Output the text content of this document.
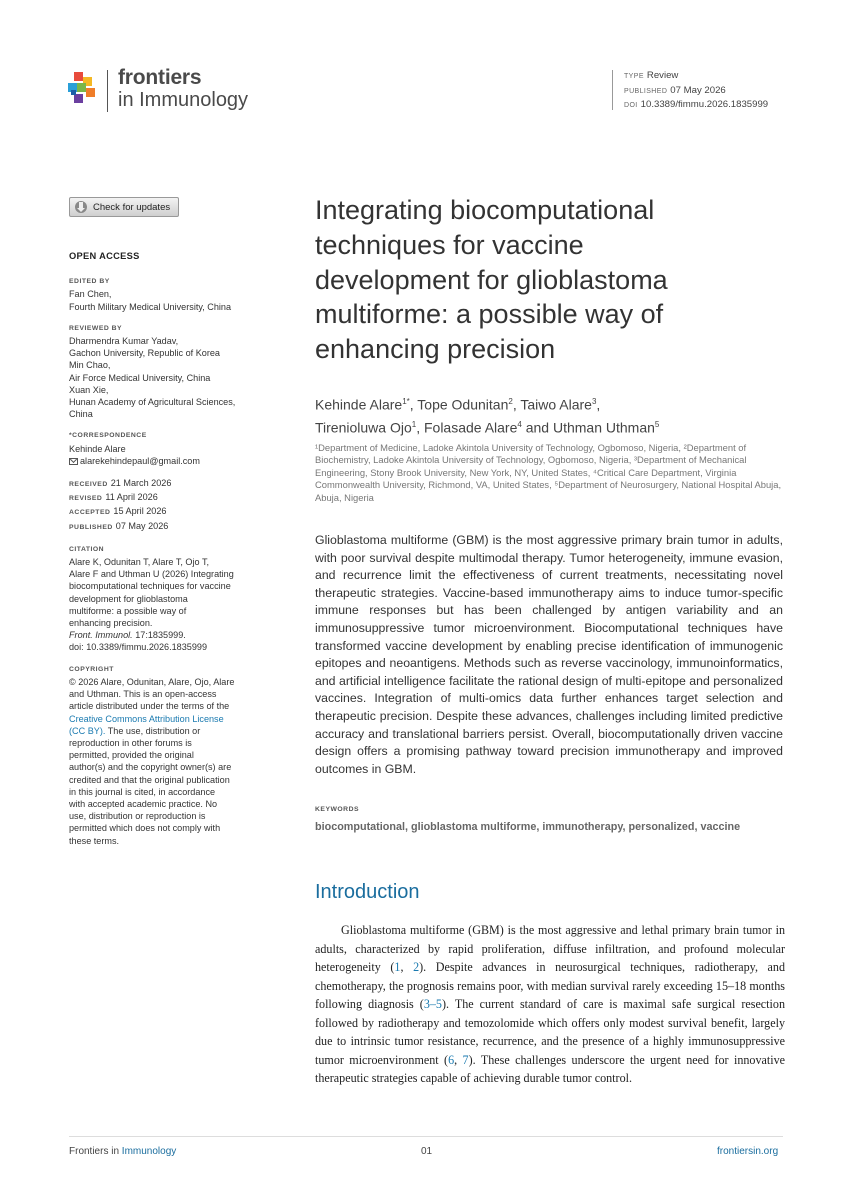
frontiers
in Immunology
TYPE Review
PUBLISHED 07 May 2026
DOI 10.3389/fimmu.2026.1835999
Check for updates
OPEN ACCESS
EDITED BY
Fan Chen,
Fourth Military Medical University, China
REVIEWED BY
Dharmendra Kumar Yadav,
Gachon University, Republic of Korea
Min Chao,
Air Force Medical University, China
Xuan Xie,
Hunan Academy of Agricultural Sciences,
China
*CORRESPONDENCE
Kehinde Alare
alarekehindepaul@gmail.com
RECEIVED 21 March 2026
REVISED 11 April 2026
ACCEPTED 15 April 2026
PUBLISHED 07 May 2026
CITATION
Alare K, Odunitan T, Alare T, Ojo T,
Alare F and Uthman U (2026) Integrating
biocomputational techniques for vaccine
development for glioblastoma
multiforme: a possible way of
enhancing precision.
Front. Immunol. 17:1835999.
doi: 10.3389/fimmu.2026.1835999
COPYRIGHT
© 2026 Alare, Odunitan, Alare, Ojo, Alare
and Uthman. This is an open-access
article distributed under the terms of the
Creative Commons Attribution License
(CC BY). The use, distribution or
reproduction in other forums is
permitted, provided the original
author(s) and the copyright owner(s) are
credited and that the original publication
in this journal is cited, in accordance
with accepted academic practice. No
use, distribution or reproduction is
permitted which does not comply with
these terms.
Integrating biocomputational
techniques for vaccine
development for glioblastoma
multiforme: a possible way of
enhancing precision
Kehinde Alare$^{1*}$, Tope Odunitan$^2$, Taiwo Alare$^3$,
Tirenioluwa Ojo$^1$, Folasade Alare$^4$ and Uthman Uthman$^5$
¹Department of Medicine, Ladoke Akintola University of Technology, Ogbomoso, Nigeria, ²Department of Biochemistry, Ladoke Akintola University of Technology, Ogbomoso, Nigeria, ³Department of Mechanical Engineering, Stony Brook University, New York, NY, United States, ⁴Critical Care Department, Virginia Commonwealth University, Richmond, VA, United States, ⁵Department of Neurosurgery, National Hospital Abuja, Abuja, Nigeria
Glioblastoma multiforme (GBM) is the most aggressive primary brain tumor in adults, with poor survival despite multimodal therapy. Tumor heterogeneity, immune evasion, and recurrence limit the effectiveness of current treatments, necessitating novel therapeutic strategies. Vaccine-based immunotherapy aims to induce tumor-specific immune responses but has been challenged by antigen variability and an immunosuppressive tumor microenvironment. Biocomputational techniques have transformed vaccine development by enabling precise identification of immunogenic epitopes and neoantigens. Methods such as reverse vaccinology, immunoinformatics, and artificial intelligence facilitate the rational design of multi-epitope and personalized vaccines. Integration of multi-omics data further enhances target selection and therapeutic precision. Despite these advances, challenges including limited predictive accuracy and translational barriers persist. Overall, biocomputationally driven vaccine design offers a promising pathway toward precision immunotherapy and improved outcomes in GBM.
KEYWORDS
biocomputational, glioblastoma multiforme, immunotherapy, personalized, vaccine
Introduction
Glioblastoma multiforme (GBM) is the most aggressive and lethal primary brain tumor in adults, characterized by rapid proliferation, diffuse infiltration, and profound molecular heterogeneity (1, 2). Despite advances in neurosurgical techniques, radiotherapy, and chemotherapy, the prognosis remains poor, with median survival rarely exceeding 15–18 months following diagnosis (3–5). The current standard of care is maximal safe surgical resection followed by radiotherapy and temozolomide which offers only modest survival benefit, largely due to intrinsic tumor resistance, recurrence, and the presence of a highly immunosuppressive tumor microenvironment (6, 7). These challenges underscore the urgent need for innovative therapeutic strategies capable of achieving durable tumor control.
Frontiers in Immunology	01	frontiersin.org
